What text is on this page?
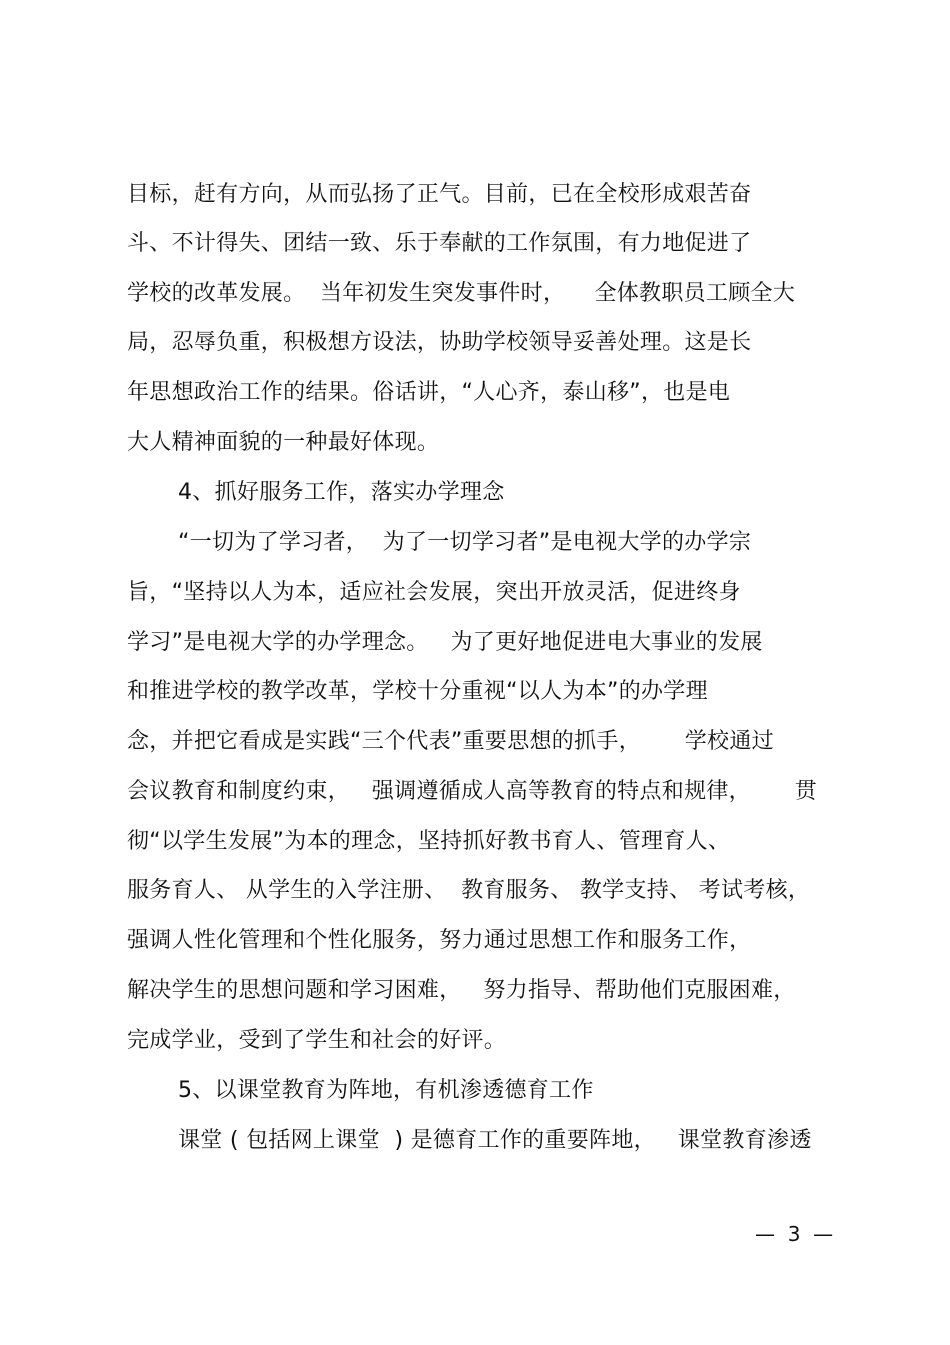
目标，赶有方向，从而弘扬了正气。目前，已在全校形成艰苦奋
斗、不计得失、团结一致、乐于奉献的工作氛围，有力地促进了
学校的改革发展。  当年初发生突发事件时，    全体教职员工顾全大
局，忍辱负重，积极想方设法，协助学校领导妥善处理。这是长
年思想政治工作的结果。俗话讲，“人心齐，泰山移”，也是电
大人精神面貌的一种最好体现。
4、抓好服务工作，落实办学理念
“一切为了学习者，  为了一切学习者”是电视大学的办学宗
旨，“坚持以人为本，适应社会发展，突出开放灵活，促进终身
学习”是电视大学的办学理念。   为了更好地促进电大事业的发展
和推进学校的教学改革，学校十分重视“以人为本”的办学理
念，并把它看成是实践“三个代表”重要思想的抓手，      学校通过
会议教育和制度约束，   强调遵循成人高等教育的特点和规律，      贯
彻“以学生发展”为本的理念，坚持抓好教书育人、管理育人、
服务育人、 从学生的入学注册、  教育服务、 教学支持、 考试考核，
强调人性化管理和个性化服务，努力通过思想工作和服务工作，
解决学生的思想问题和学习困难，   努力指导、帮助他们克服困难，
完成学业，受到了学生和社会的好评。
5、以课堂教育为阵地，有机渗透德育工作
课堂 ( 包括网上课堂  ) 是德育工作的重要阵地，   课堂教育渗透
—  3  —
